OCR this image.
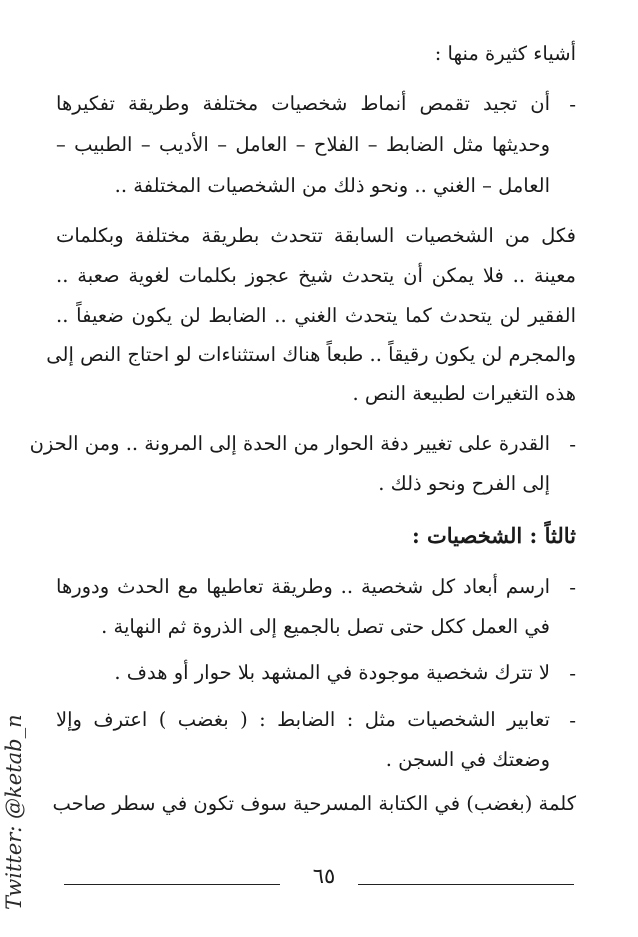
أشياء كثيرة منها :
-
أن تجيد تقمص أنماط شخصيات مختلفة وطريقة تفكيرها
وحديثها مثل الضابط – الفلاح – العامل – الأديب – الطبيب –
العامل – الغني .. ونحو ذلك من الشخصيات المختلفة ..
فكل من الشخصيات السابقة تتحدث بطريقة مختلفة وبكلمات
معينة .. فلا يمكن أن يتحدث شيخ عجوز بكلمات لغوية صعبة ..
الفقير لن يتحدث كما يتحدث الغني .. الضابط لن يكون ضعيفاً ..
والمجرم لن يكون رقيقاً .. طبعاً هناك استثناءات لو احتاج النص إلى
هذه التغيرات لطبيعة النص .
-
القدرة على تغيير دفة الحوار من الحدة إلى المرونة .. ومن الحزن
إلى الفرح ونحو ذلك .
ثالثاً : الشخصيات :
-
ارسم أبعاد كل شخصية .. وطريقة تعاطيها مع الحدث ودورها
في العمل ككل حتى تصل بالجميع إلى الذروة ثم النهاية .
-
لا تترك شخصية موجودة في المشهد بلا حوار أو هدف .
-
تعابير الشخصيات مثل : الضابط : ( بغضب ) اعترف وإلا
وضعتك في السجن .
كلمة (بغضب) في الكتابة المسرحية سوف تكون في سطر صاحب
٦٥
Twitter: @ketab_n
